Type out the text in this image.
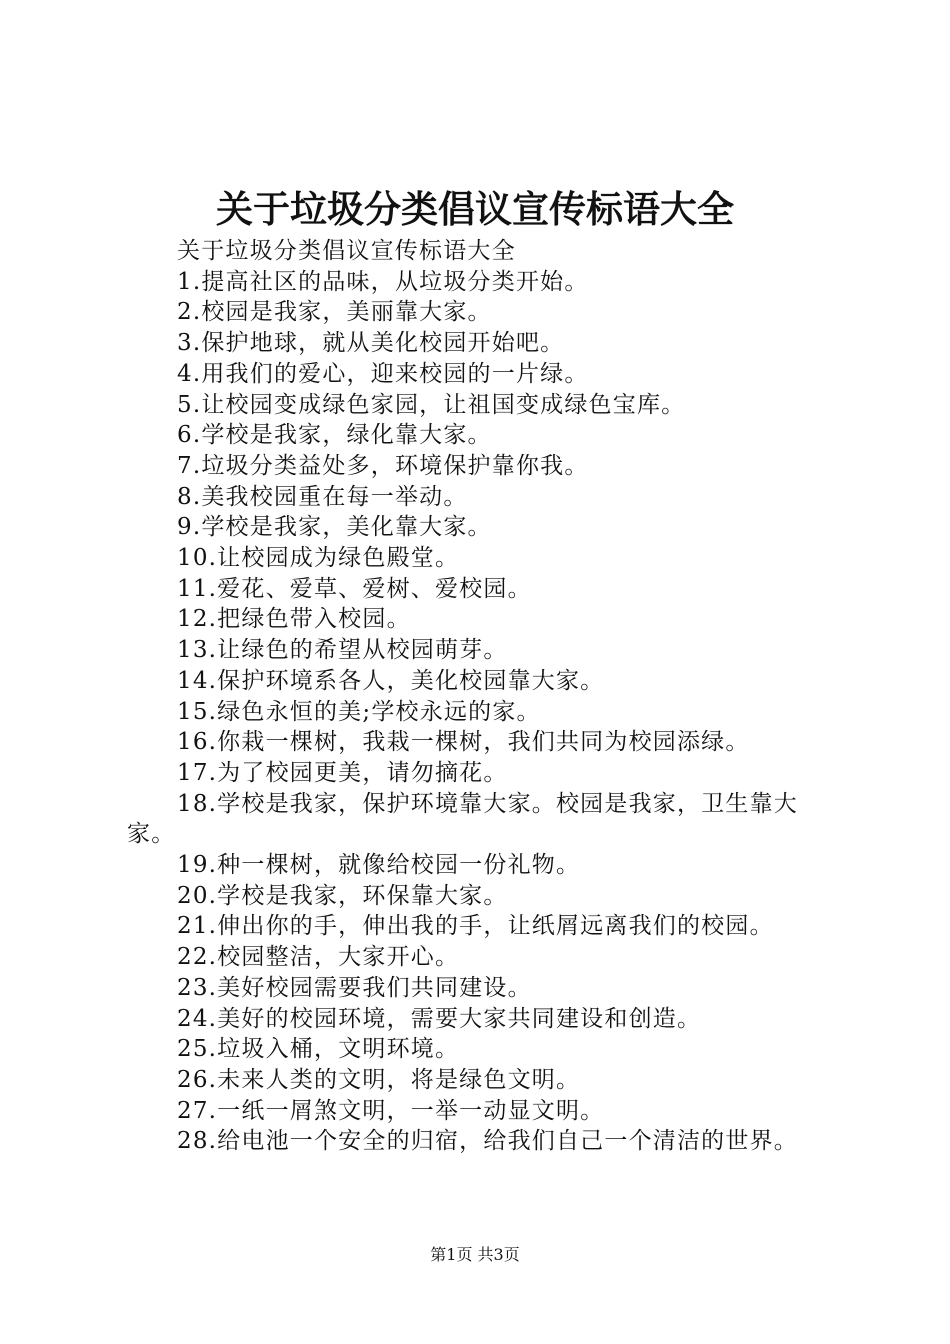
关于垃圾分类倡议宣传标语大全

关于垃圾分类倡议宣传标语大全

1.提高社区的品味，从垃圾分类开始。

2.校园是我家，美丽靠大家。

3.保护地球，就从美化校园开始吧。

4.用我们的爱心，迎来校园的一片绿。

5.让校园变成绿色家园，让祖国变成绿色宝库。

6.学校是我家，绿化靠大家。

7.垃圾分类益处多，环境保护靠你我。

8.美我校园重在每一举动。

9.学校是我家，美化靠大家。

10.让校园成为绿色殿堂。

11.爱花、爱草、爱树、爱校园。

12.把绿色带入校园。

13.让绿色的希望从校园萌芽。

14.保护环境系各人，美化校园靠大家。

15.绿色永恒的美;学校永远的家。

16.你栽一棵树，我栽一棵树，我们共同为校园添绿。

17.为了校园更美，请勿摘花。

18.学校是我家，保护环境靠大家。校园是我家，卫生靠大家。

19.种一棵树，就像给校园一份礼物。

20.学校是我家，环保靠大家。

21.伸出你的手，伸出我的手，让纸屑远离我们的校园。

22.校园整洁，大家开心。

23.美好校园需要我们共同建设。

24.美好的校园环境，需要大家共同建设和创造。

25.垃圾入桶，文明环境。

26.未来人类的文明，将是绿色文明。

27.一纸一屑煞文明，一举一动显文明。

28.给电池一个安全的归宿，给我们自己一个清洁的世界。

第1页 共3页
